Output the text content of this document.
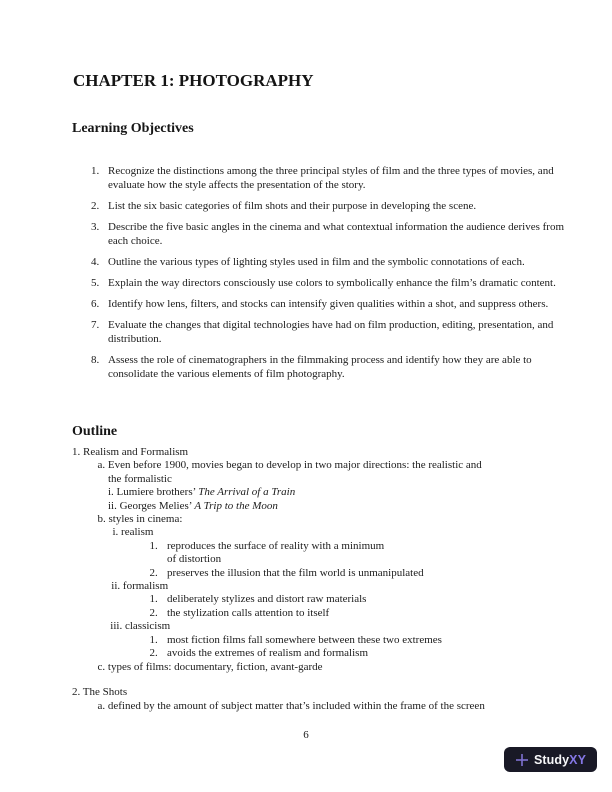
CHAPTER 1: PHOTOGRAPHY
Learning Objectives
1. Recognize the distinctions among the three principal styles of film and the three types of movies, and evaluate how the style affects the presentation of the story.
2. List the six basic categories of film shots and their purpose in developing the scene.
3. Describe the five basic angles in the cinema and what contextual information the audience derives from each choice.
4. Outline the various types of lighting styles used in film and the symbolic connotations of each.
5. Explain the way directors consciously use colors to symbolically enhance the film’s dramatic content.
6. Identify how lens, filters, and stocks can intensify given qualities within a shot, and suppress others.
7. Evaluate the changes that digital technologies have had on film production, editing, presentation, and distribution.
8. Assess the role of cinematographers in the filmmaking process and identify how they are able to consolidate the various elements of film photography.
Outline
1. Realism and Formalism
a. Even before 1900, movies began to develop in two major directions: the realistic and
the formalistic
i. Lumiere brothers’ The Arrival of a Train
ii. Georges Melies’ A Trip to the Moon
b. styles in cinema:
i. realism
1. reproduces the surface of reality with a minimum
of distortion
2. preserves the illusion that the film world is unmanipulated
ii. formalism
1. deliberately stylizes and distort raw materials
2. the stylization calls attention to itself
iii. classicism
1. most fiction films fall somewhere between these two extremes
2. avoids the extremes of realism and formalism
c. types of films: documentary, fiction, avant-garde
2. The Shots
a. defined by the amount of subject matter that’s included within the frame of the screen
6
StudyXY
